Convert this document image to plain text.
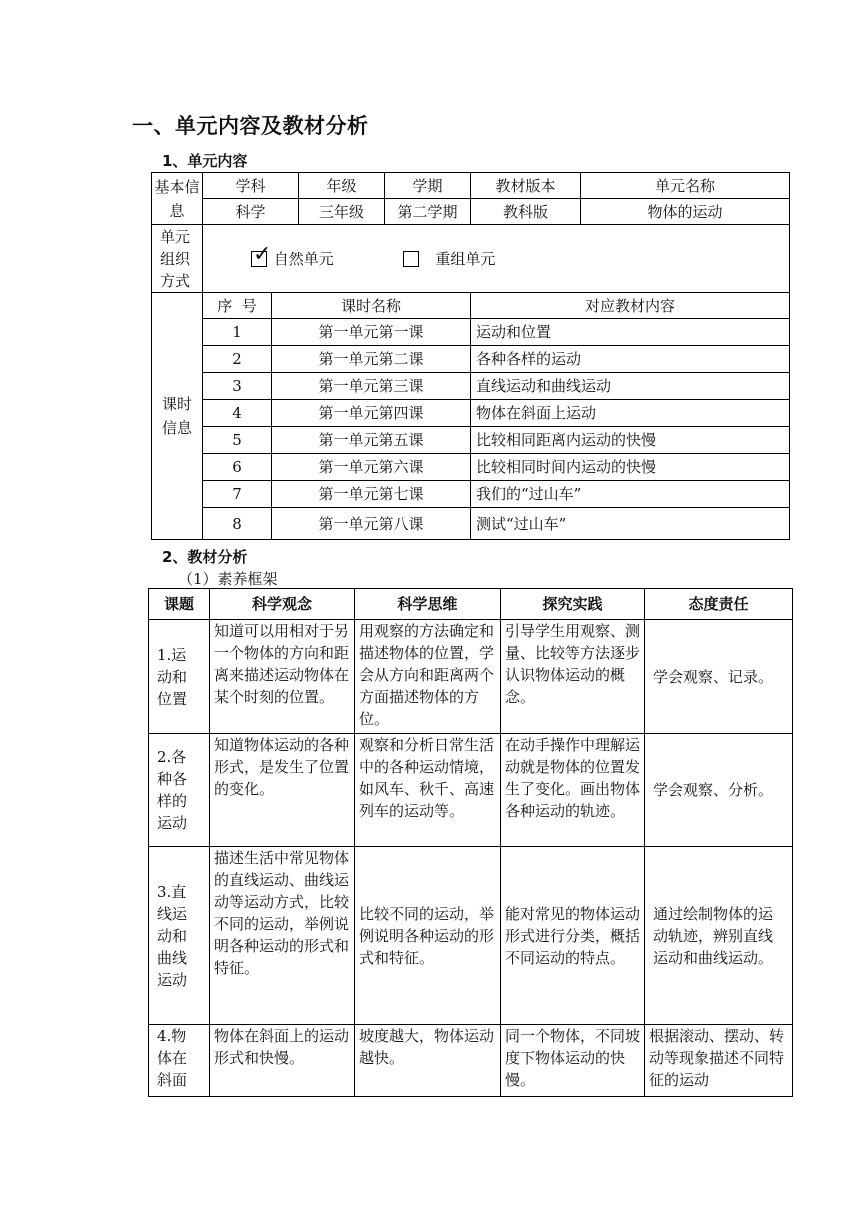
一、单元内容及教材分析
1、单元内容
基本信息	学科		年级	学期	教材版本	单元名称
	科学		三年级	第二学期	教科版	物体的运动
单元组织方式	✓ 自然单元 重组单元					

课时信息	序  号	课时名称			对应教材内容	
	1	第一单元第一课			运动和位置	
	2	第一单元第二课			各种各样的运动	
	3	第一单元第三课			直线运动和曲线运动	
	4	第一单元第四课			物体在斜面上运动	
	5	第一单元第五课			比较相同距离内运动的快慢	
	6	第一单元第六课			比较相同时间内运动的快慢	
	7	第一单元第七课			我们的“过山车”	
	8	第一单元第八课			测试“过山车”	
2、教材分析
（1）素养框架
课题	科学观念	科学思维	探究实践	态度责任
1.运动和位置	知道可以用相对于另一个物体的方向和距离来描述运动物体在某个时刻的位置。	用观察的方法确定和描述物体的位置，学会从方向和距离两个方面描述物体的方位。	引导学生用观察、测量、比较等方法逐步认识物体运动的概念。	学会观察、记录。
2.各种各样的运动	知道物体运动的各种形式，是发生了位置的变化。	观察和分析日常生活中的各种运动情境，如风车、秋千、高速列车的运动等。	在动手操作中理解运动就是物体的位置发生了变化。画出物体各种运动的轨迹。	学会观察、分析。
3.直线运动和曲线运动	描述生活中常见物体的直线运动、曲线运动等运动方式，比较不同的运动，举例说明各种运动的形式和特征。	比较不同的运动，举例说明各种运动的形式和特征。	能对常见的物体运动形式进行分类，概括不同运动的特点。	通过绘制物体的运动轨迹，辨别直线运动和曲线运动。
4.物体在斜面	物体在斜面上的运动形式和快慢。	坡度越大，物体运动越快。	同一个物体，不同坡度下物体运动的快慢。	根据滚动、摆动、转动等现象描述不同特征的运动
